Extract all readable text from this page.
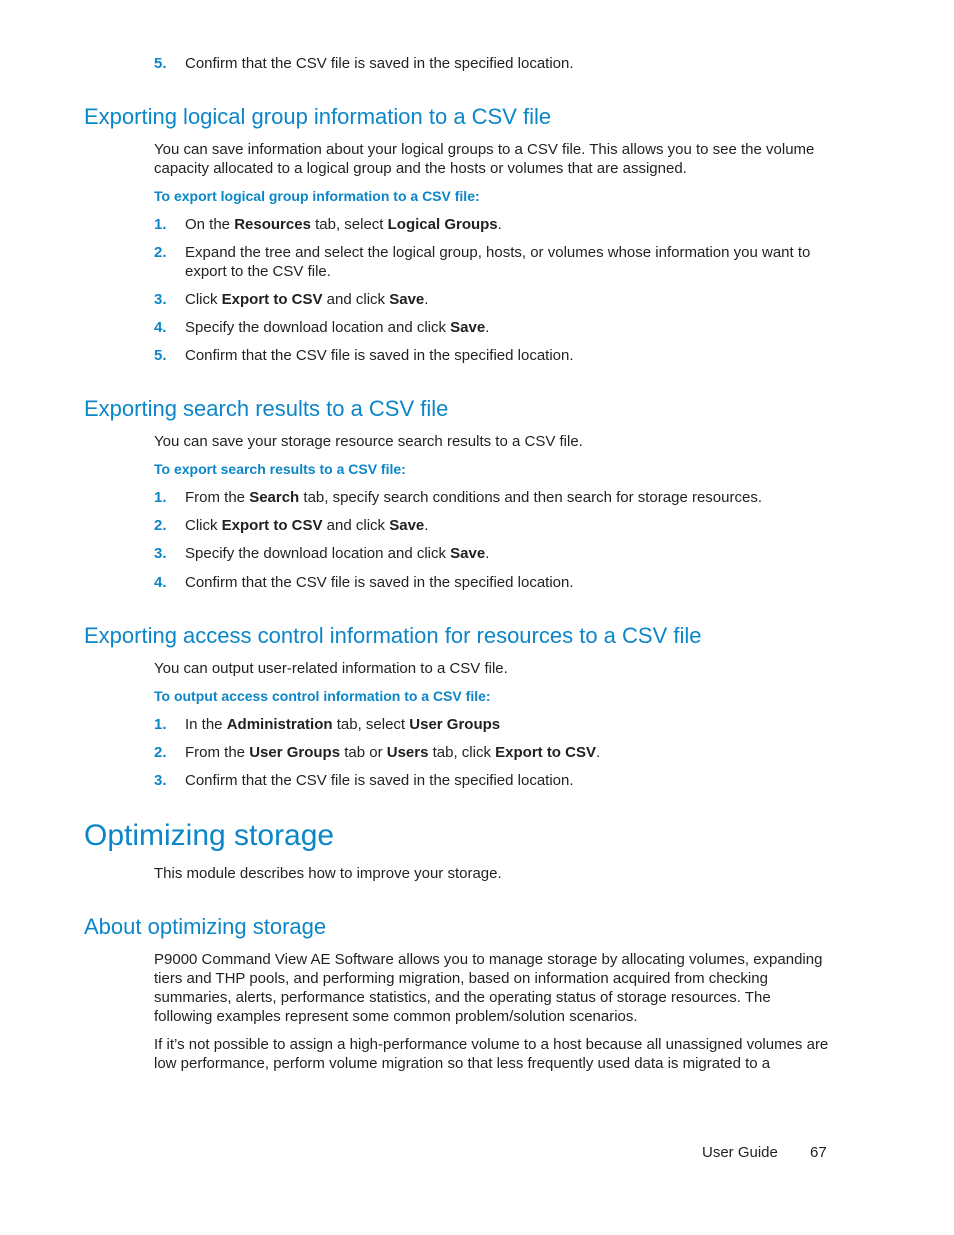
5. Confirm that the CSV file is saved in the specified location.
Exporting logical group information to a CSV file

You can save information about your logical groups to a CSV file. This allows you to see the volume capacity allocated to a logical group and the hosts or volumes that are assigned.

To export logical group information to a CSV file:

1. On the Resources tab, select Logical Groups.
2. Expand the tree and select the logical group, hosts, or volumes whose information you want to export to the CSV file.
3. Click Export to CSV and click Save.
4. Specify the download location and click Save.
5. Confirm that the CSV file is saved in the specified location.
Exporting search results to a CSV file

You can save your storage resource search results to a CSV file.

To export search results to a CSV file:

1. From the Search tab, specify search conditions and then search for storage resources.
2. Click Export to CSV and click Save.
3. Specify the download location and click Save.
4. Confirm that the CSV file is saved in the specified location.
Exporting access control information for resources to a CSV file

You can output user-related information to a CSV file.

To output access control information to a CSV file:

1. In the Administration tab, select User Groups
2. From the User Groups tab or Users tab, click Export to CSV.
3. Confirm that the CSV file is saved in the specified location.
Optimizing storage

This module describes how to improve your storage.

About optimizing storage

P9000 Command View AE Software allows you to manage storage by allocating volumes, expanding tiers and THP pools, and performing migration, based on information acquired from checking summaries, alerts, performance statistics, and the operating status of storage resources. The following examples represent some common problem/solution scenarios.

If it’s not possible to assign a high-performance volume to a host because all unassigned volumes are low performance, perform volume migration so that less frequently used data is migrated to a

User Guide 67
